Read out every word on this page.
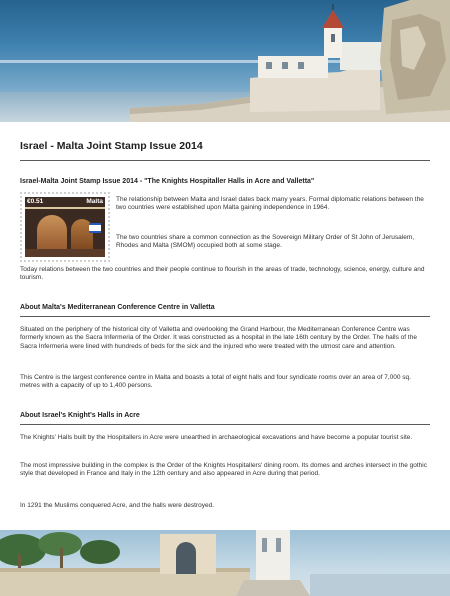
Israel - Malta Joint Stamp Issue 2014
Israel-Malta Joint Stamp Issue 2014 - "The Knights Hospitaller Halls in Acre and Valletta"
€0.51	Malta The relationship between Malta and Israel dates back many years. Formal diplomatic relations between the two countries were established upon Malta gaining independence in 1964.

The two countries share a common connection as the Sovereign Military Order of St John of Jerusalem, Rhodes and Malta (SMOM) occupied both at some stage.

Today relations between the two countries and their people continue to flourish in the areas of trade, technology, science, energy, culture and tourism.

About Malta's Mediterranean Conference Centre in Valletta

Situated on the periphery of the historical city of Valletta and overlooking the Grand Harbour, the Mediterranean Conference Centre was formerly known as the Sacra Infermeria of the Order. It was constructed as a hospital in the late 16th century by the Order. The halls of the Sacra Infermeria were lined with hundreds of beds for the sick and the injured who were treated with the utmost care and attention.

This Centre is the largest conference centre in Malta and boasts a total of eight halls and four syndicate rooms over an area of 7,000 sq. metres with a capacity of up to 1,400 persons.

About Israel's Knight's Halls in Acre

The Knights' Halls built by the Hospitallers in Acre were unearthed in archaeological excavations and have become a popular tourist site.

The most impressive building in the complex is the Order of the Knights Hospitallers' dining room. Its domes and arches intersect in the gothic style that developed in France and Italy in the 12th century and also appeared in Acre during that period.

In 1291 the Muslims conquered Acre, and the halls were destroyed.
